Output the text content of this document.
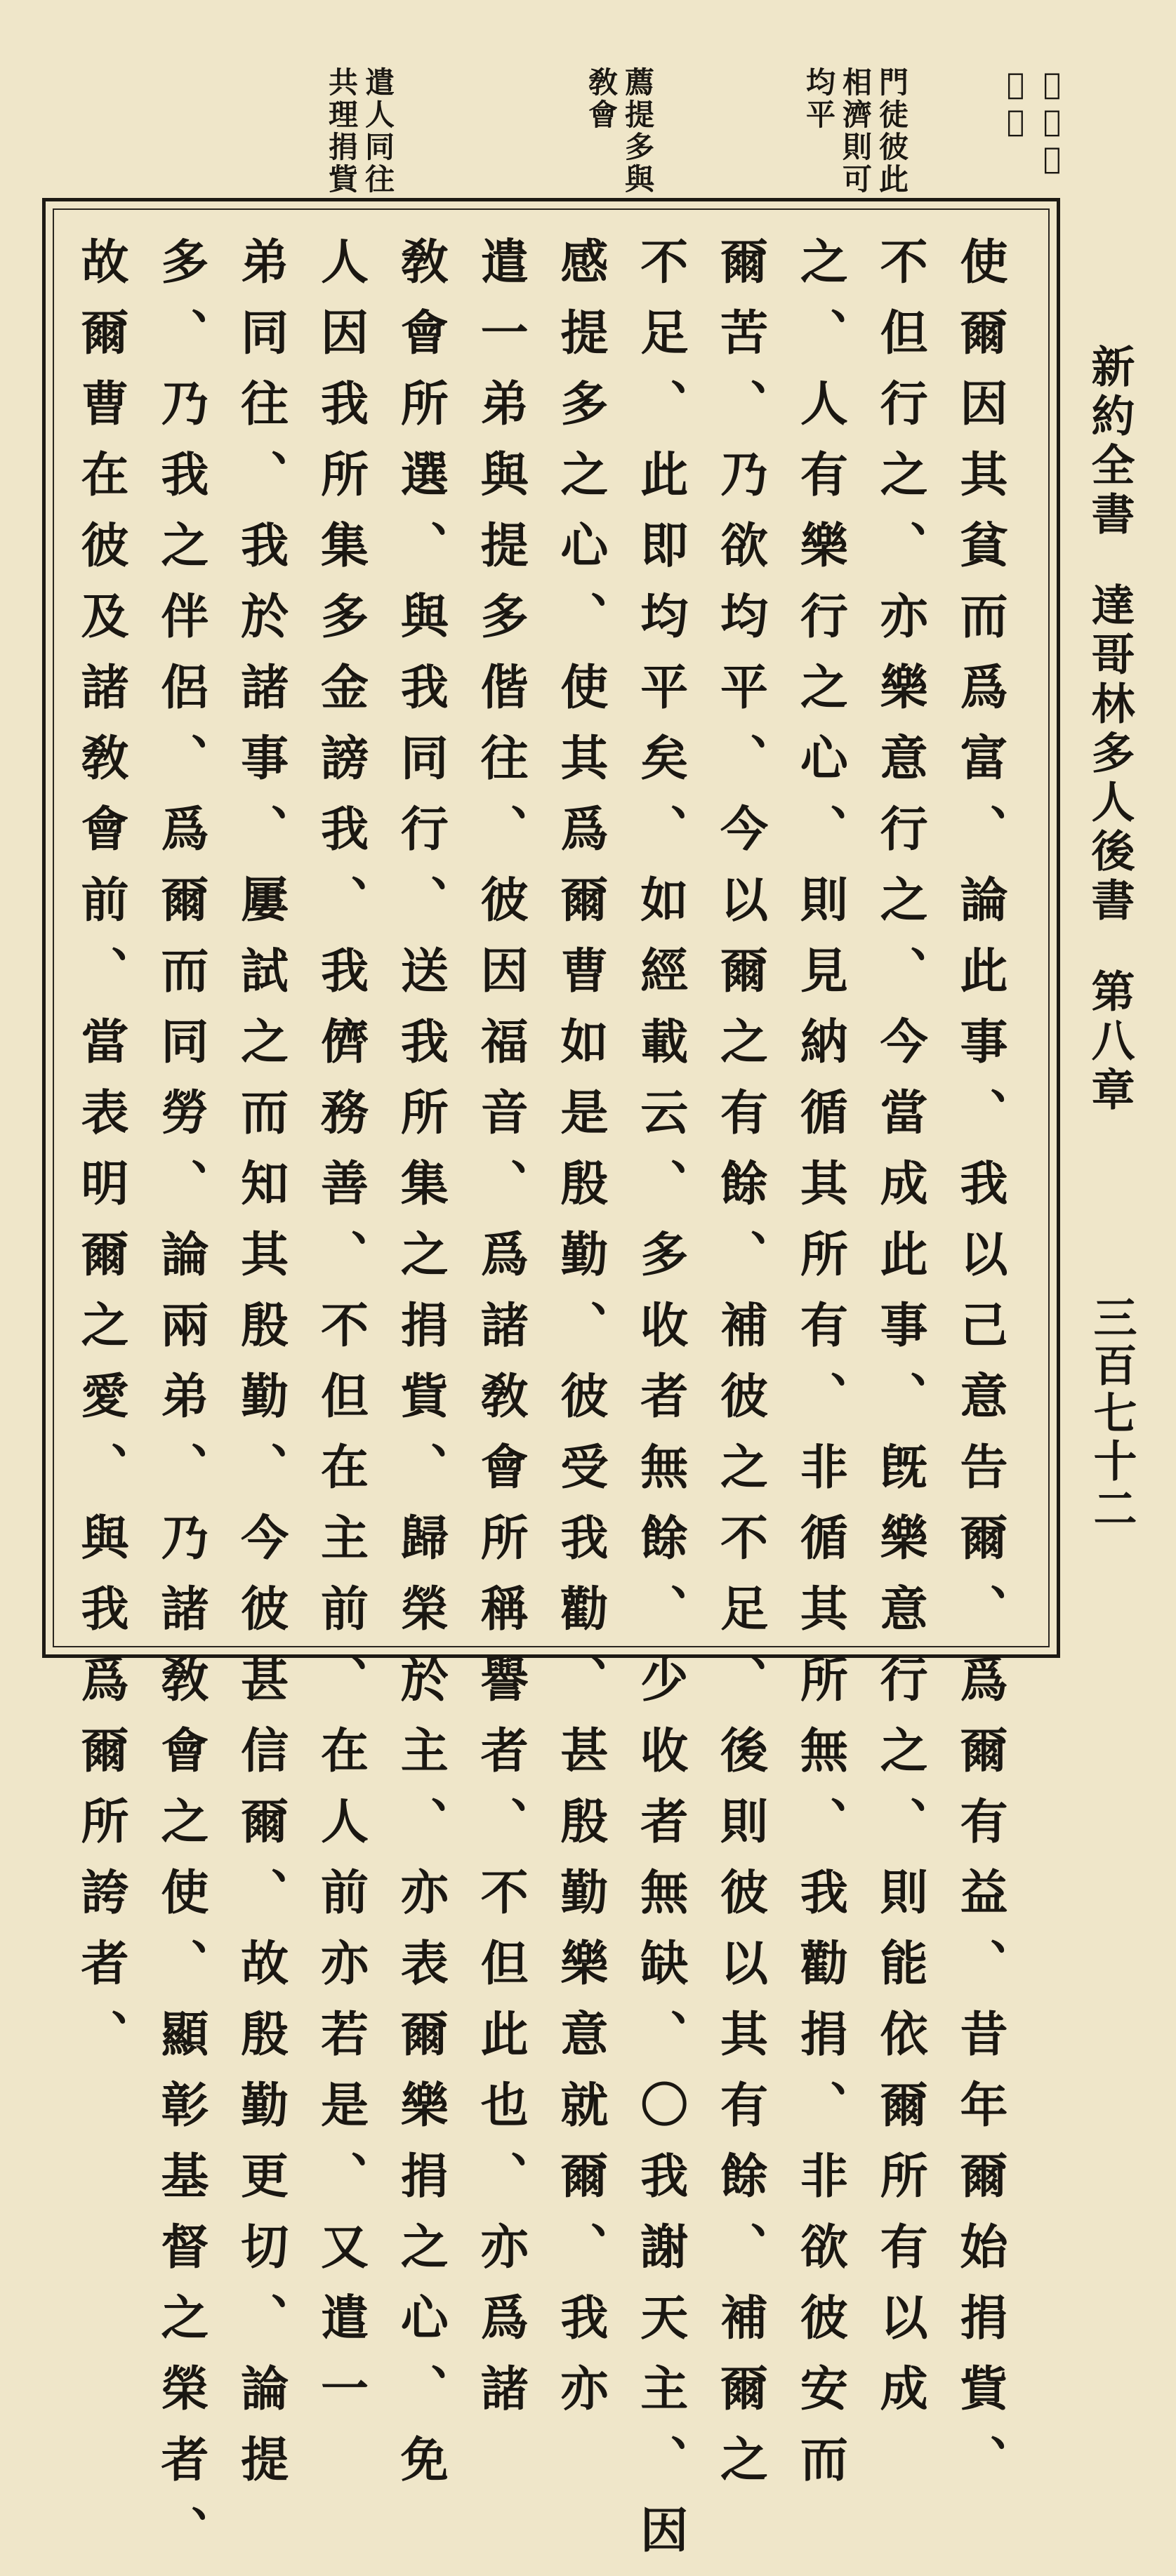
𫜟捨富爲貧
門徒彼此相濟則可均平
薦提多與敎會
遣人同往共理捐貲
新約全書達哥林多人後書第八章
三百七十二
使爾因其貧而爲富、論此事、我以己意告爾、爲爾有益、昔年爾始捐貲、
不但行之、亦樂意行之、今當成此事、旣樂意行之、則能依爾所有以成
之、人有樂行之心、則見納循其所有、非循其所無、我勸捐、非欲彼安而
爾苦、乃欲均平、今以爾之有餘、補彼之不足、後則彼以其有餘、補爾之
不足、此即均平矣、如經載云、多收者無餘、少收者無缺、〇我謝天主、因
感提多之心、使其爲爾曹如是殷勤、彼受我勸、甚殷勤樂意就爾、我亦
遣一弟與提多偕往、彼因福音、爲諸敎會所稱譽者、不但此也、亦爲諸
敎會所選、與我同行、送我所集之捐貲、歸榮於主、亦表爾樂捐之心、免
人因我所集多金謗我、我儕務善、不但在主前、在人前亦若是、又遣一
弟同往、我於諸事、屢試之而知其殷勤、今彼甚信爾、故殷勤更切、論提
多、乃我之伴侶、爲爾而同勞、論兩弟、乃諸敎會之使、顯彰基督之榮者、
故爾曹在彼及諸敎會前、當表明爾之愛、與我爲爾所誇者、
